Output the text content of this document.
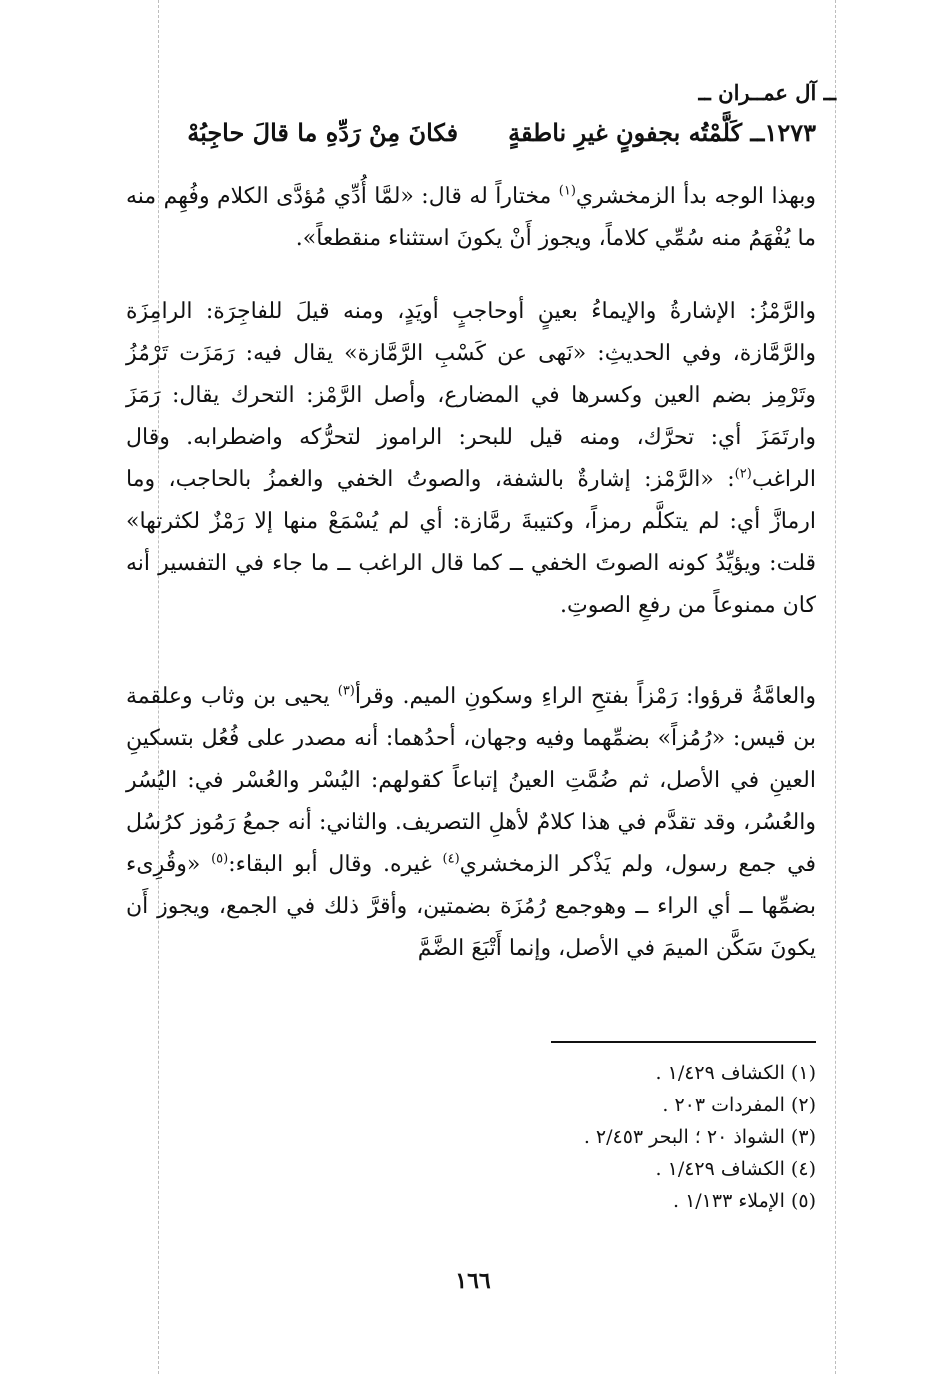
ــ آل عمــران ــ
١٢٧٣ــ كَلَّمْتُه بجفونٍ غيرِ ناطقةٍ
فكانَ مِنْ رَدِّهِ ما قالَ حاجِبُهْ

وبهذا الوجه بدأ الزمخشري$^{(١)}$ مختاراً له قال: «لمَّا أُدِّي مُؤدَّى الكلام وفُهِم منه ما يُفْهَمُ منه سُمِّي كلاماً، ويجوز أَنْ يكونَ استثناء منقطعاً».

والرَّمْزُ: الإشارةُ والإيماءُ بعينٍ أوحاجبٍ أويَدٍ، ومنه قيلَ للفاجِرَة: الرامِزَة والرَّمَّازة، وفي الحديثِ: «نَهى عن كَسْبِ الرَّمَّازة» يقال فيه: رَمَزَت تَرْمُزُ وتَرْمِز بضم العين وكسرها في المضارع، وأصل الرَّمْز: التحرك يقال: رَمَزَ وارتَمَزَ أي: تحرَّك، ومنه قيل للبحر: الراموز لتحرُّكه واضطرابه. وقال الراغب$^{(٢)}$: «الرَّمْز: إشارةٌ بالشفة، والصوتُ الخفي والغمزُ بالحاجب، وما ارمازَّ أي: لم يتكلَّم رمزاً، وكتيبةَ رمَّازة: أي لم يُسْمَعْ منها إلا رَمْزٌ لكثرتها» قلت: ويؤيِّدُ كونه الصوتَ الخفي ــ كما قال الراغب ــ ما جاء في التفسير أنه كان ممنوعاً من رفعِ الصوتِ.

والعامَّةُ قرؤوا: رَمْزاً بفتحِ الراءِ وسكونِ الميم. وقرأ$^{(٣)}$ يحيى بن وثاب وعلقمة بن قيس: «رُمُزاً» بضمِّهما وفيه وجهان، أحدُهما: أنه مصدر على فُعُل بتسكينِ العينِ في الأصل، ثم ضُمَّتِ العينُ إتباعاً كقولهم: اليُسْر والعُسْر في: اليُسُر والعُسُر، وقد تقدَّم في هذا كلامٌ لأهلِ التصريف. والثاني: أنه جمعُ رَمُوز كرُسُل في جمع رسول، ولم يَذْكر الزمخشري$^{(٤)}$ غيره. وقال أبو البقاء:$^{(٥)}$ «وقُرِىء بضمِّها ــ أي الراء ــ وهوجمع رُمُزَة بضمتين، وأقرَّ ذلك في الجمع، ويجوز أَن يكونَ سَكَّن الميمَ في الأصل، وإنما أَتْبَعَ الضَّمَّ

(١) الكشاف ١/٤٢٩ .
(٢) المفردات ٢٠٣ .
(٣) الشواذ ٢٠ ؛ البحر ٢/٤٥٣ .
(٤) الكشاف ١/٤٢٩ .
(٥) الإملاء ١/١٣٣ .
١٦٦
